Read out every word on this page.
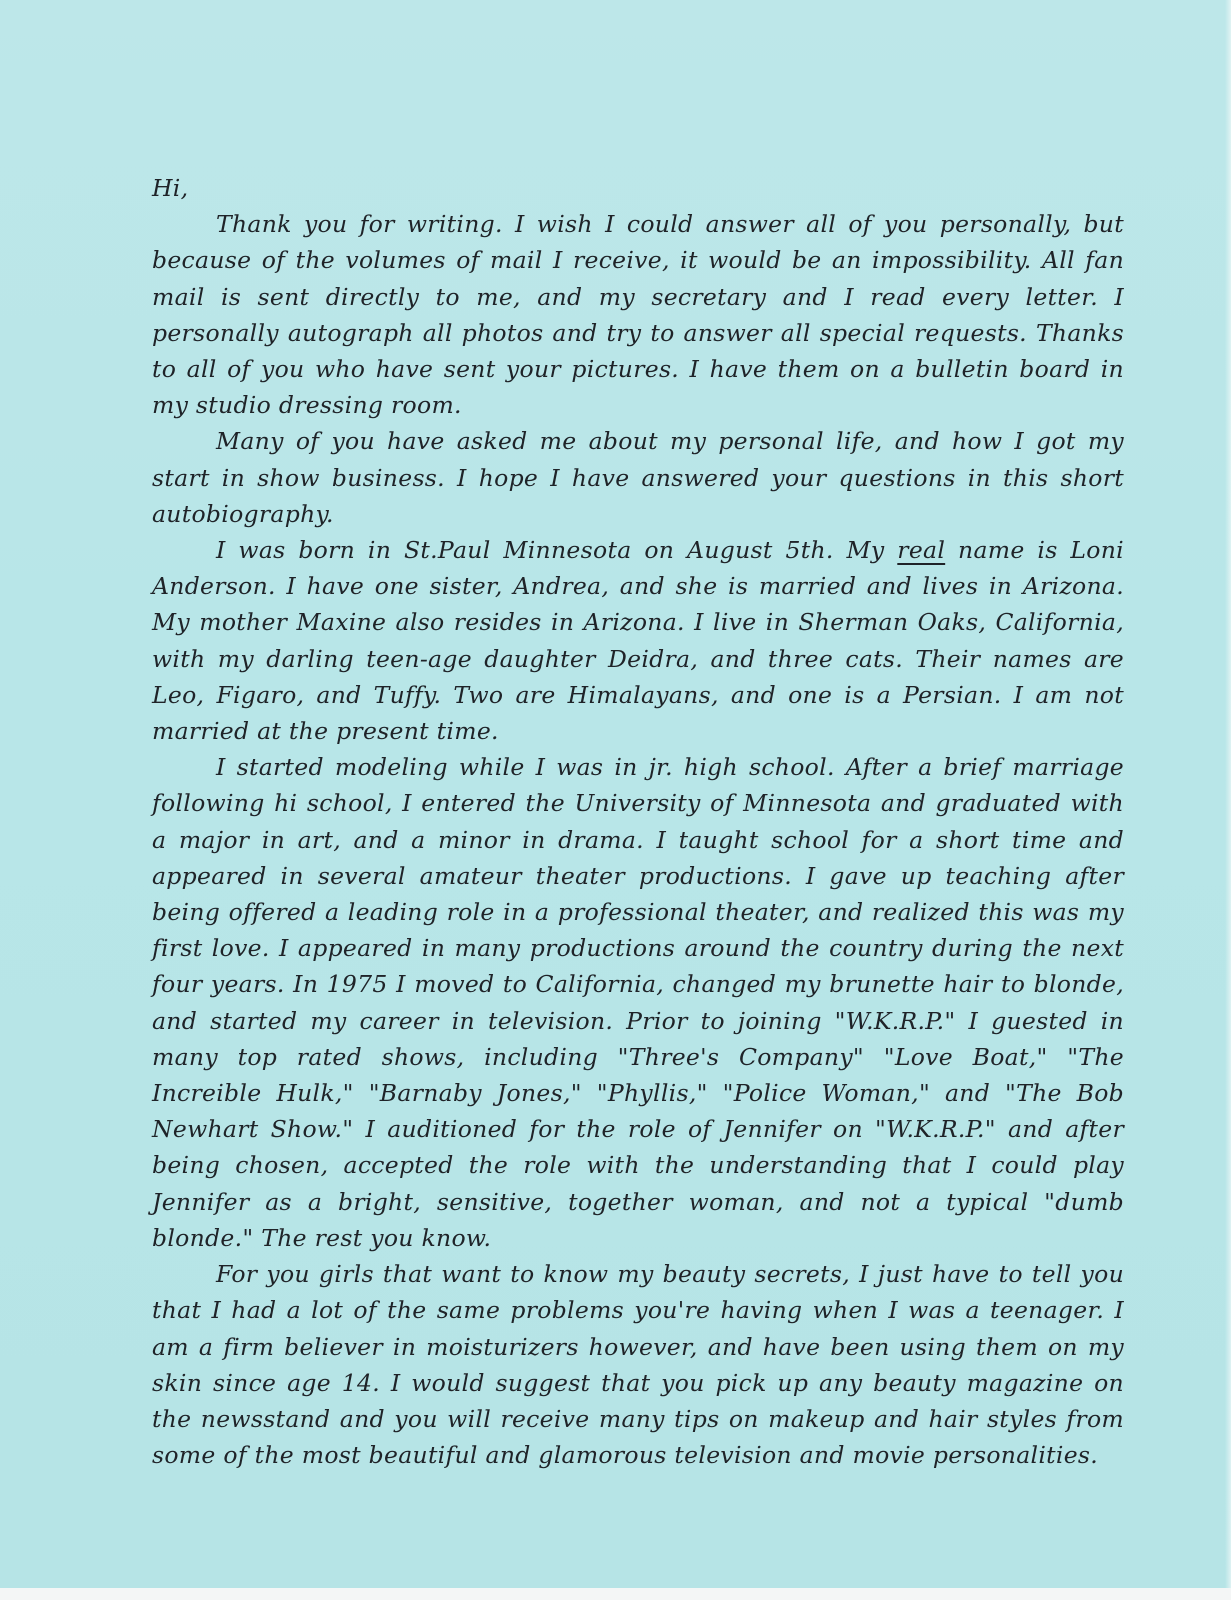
Hi,

Thank you for writing. I wish I could answer all of you personally, but because of the volumes of mail I receive, it would be an impossibility. All fan mail is sent directly to me, and my secretary and I read every letter. I personally autograph all photos and try to answer all special requests. Thanks to all of you who have sent your pictures. I have them on a bulletin board in my studio dressing room.

Many of you have asked me about my personal life, and how I got my start in show business. I hope I have answered your questions in this short autobiography.

I was born in St.Paul Minnesota on August 5th. My real name is Loni Anderson. I have one sister, Andrea, and she is married and lives in Arizona. My mother Maxine also resides in Arizona. I live in Sherman Oaks, California, with my darling teen-age daughter Deidra, and three cats. Their names are Leo, Figaro, and Tuffy. Two are Himalayans, and one is a Persian. I am not married at the present time.

I started modeling while I was in jr. high school. After a brief marriage following hi school, I entered the University of Minnesota and graduated with a major in art, and a minor in drama. I taught school for a short time and appeared in several amateur theater productions. I gave up teaching after being offered a leading role in a professional theater, and realized this was my first love. I appeared in many productions around the country during the next four years. In 1975 I moved to California, changed my brunette hair to blonde, and started my career in television. Prior to joining "W.K.R.P." I guested in many top rated shows, including "Three's Company" "Love Boat," "The Increible Hulk," "Barnaby Jones," "Phyllis," "Police Woman," and "The Bob Newhart Show." I auditioned for the role of Jennifer on "W.K.R.P." and after being chosen, accepted the role with the understanding that I could play Jennifer as a bright, sensitive, together woman, and not a typical "dumb blonde." The rest you know.

For you girls that want to know my beauty secrets, I just have to tell you that I had a lot of the same problems you're having when I was a teenager. I am a firm believer in moisturizers however, and have been using them on my skin since age 14. I would suggest that you pick up any beauty magazine on the newsstand and you will receive many tips on makeup and hair styles from some of the most beautiful and glamorous television and movie personalities.
